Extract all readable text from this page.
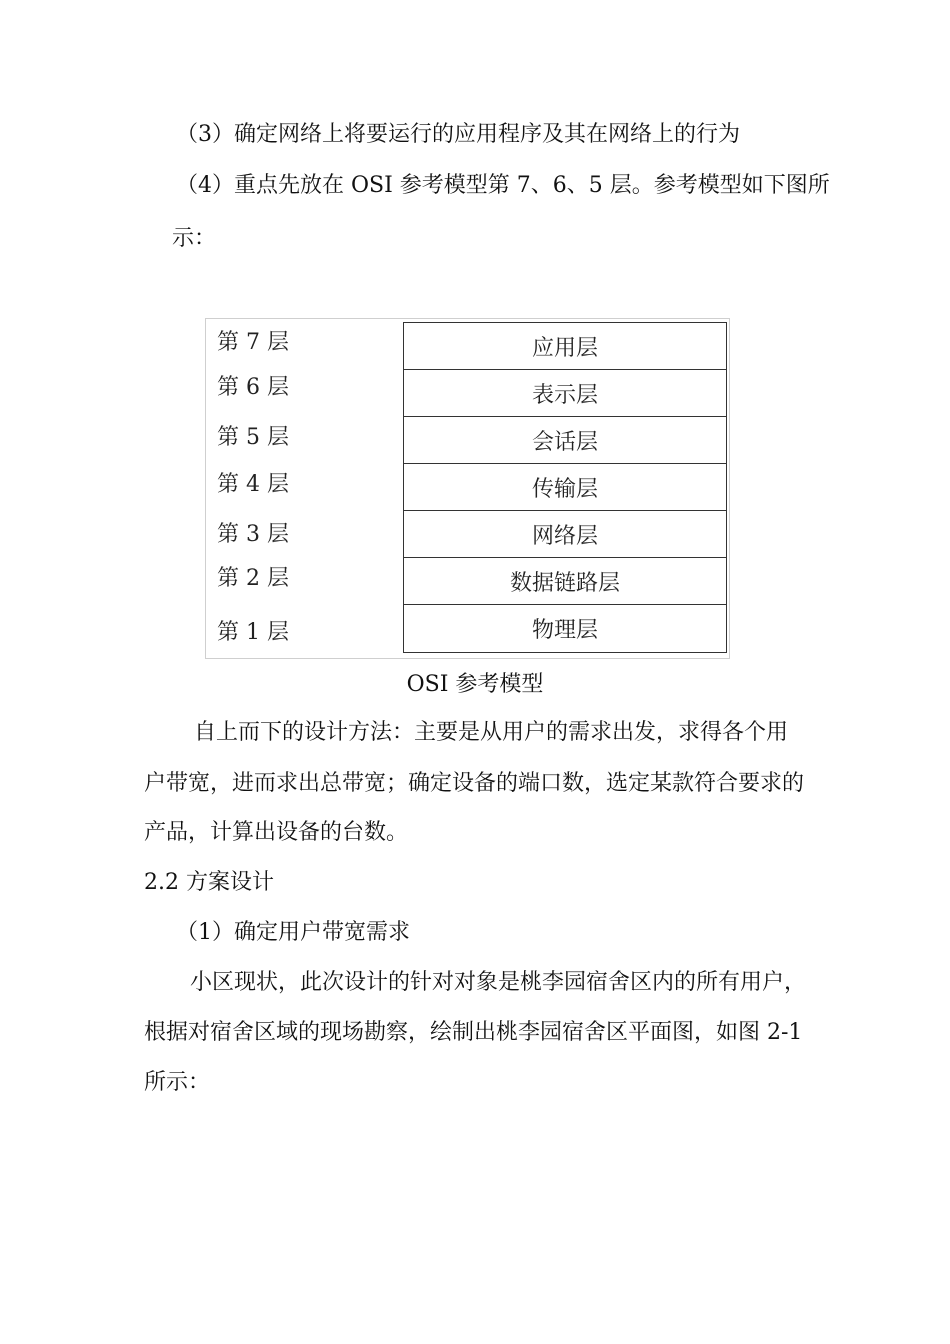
（3）确定网络上将要运行的应用程序及其在网络上的行为
（4）重点先放在 OSI 参考模型第 7、6、5 层。参考模型如下图所
示：
第 7 层
第 6 层
第 5 层
第 4 层
第 3 层
第 2 层
第 1 层
应用层
表示层
会话层
传输层
网络层
数据链路层
物理层
OSI 参考模型
自上而下的设计方法：主要是从用户的需求出发，求得各个用
户带宽，进而求出总带宽；确定设备的端口数，选定某款符合要求的
产品，计算出设备的台数。
2.2 方案设计
（1）确定用户带宽需求
小区现状，此次设计的针对对象是桃李园宿舍区内的所有用户，
根据对宿舍区域的现场勘察，绘制出桃李园宿舍区平面图，如图 2-1
所示：
